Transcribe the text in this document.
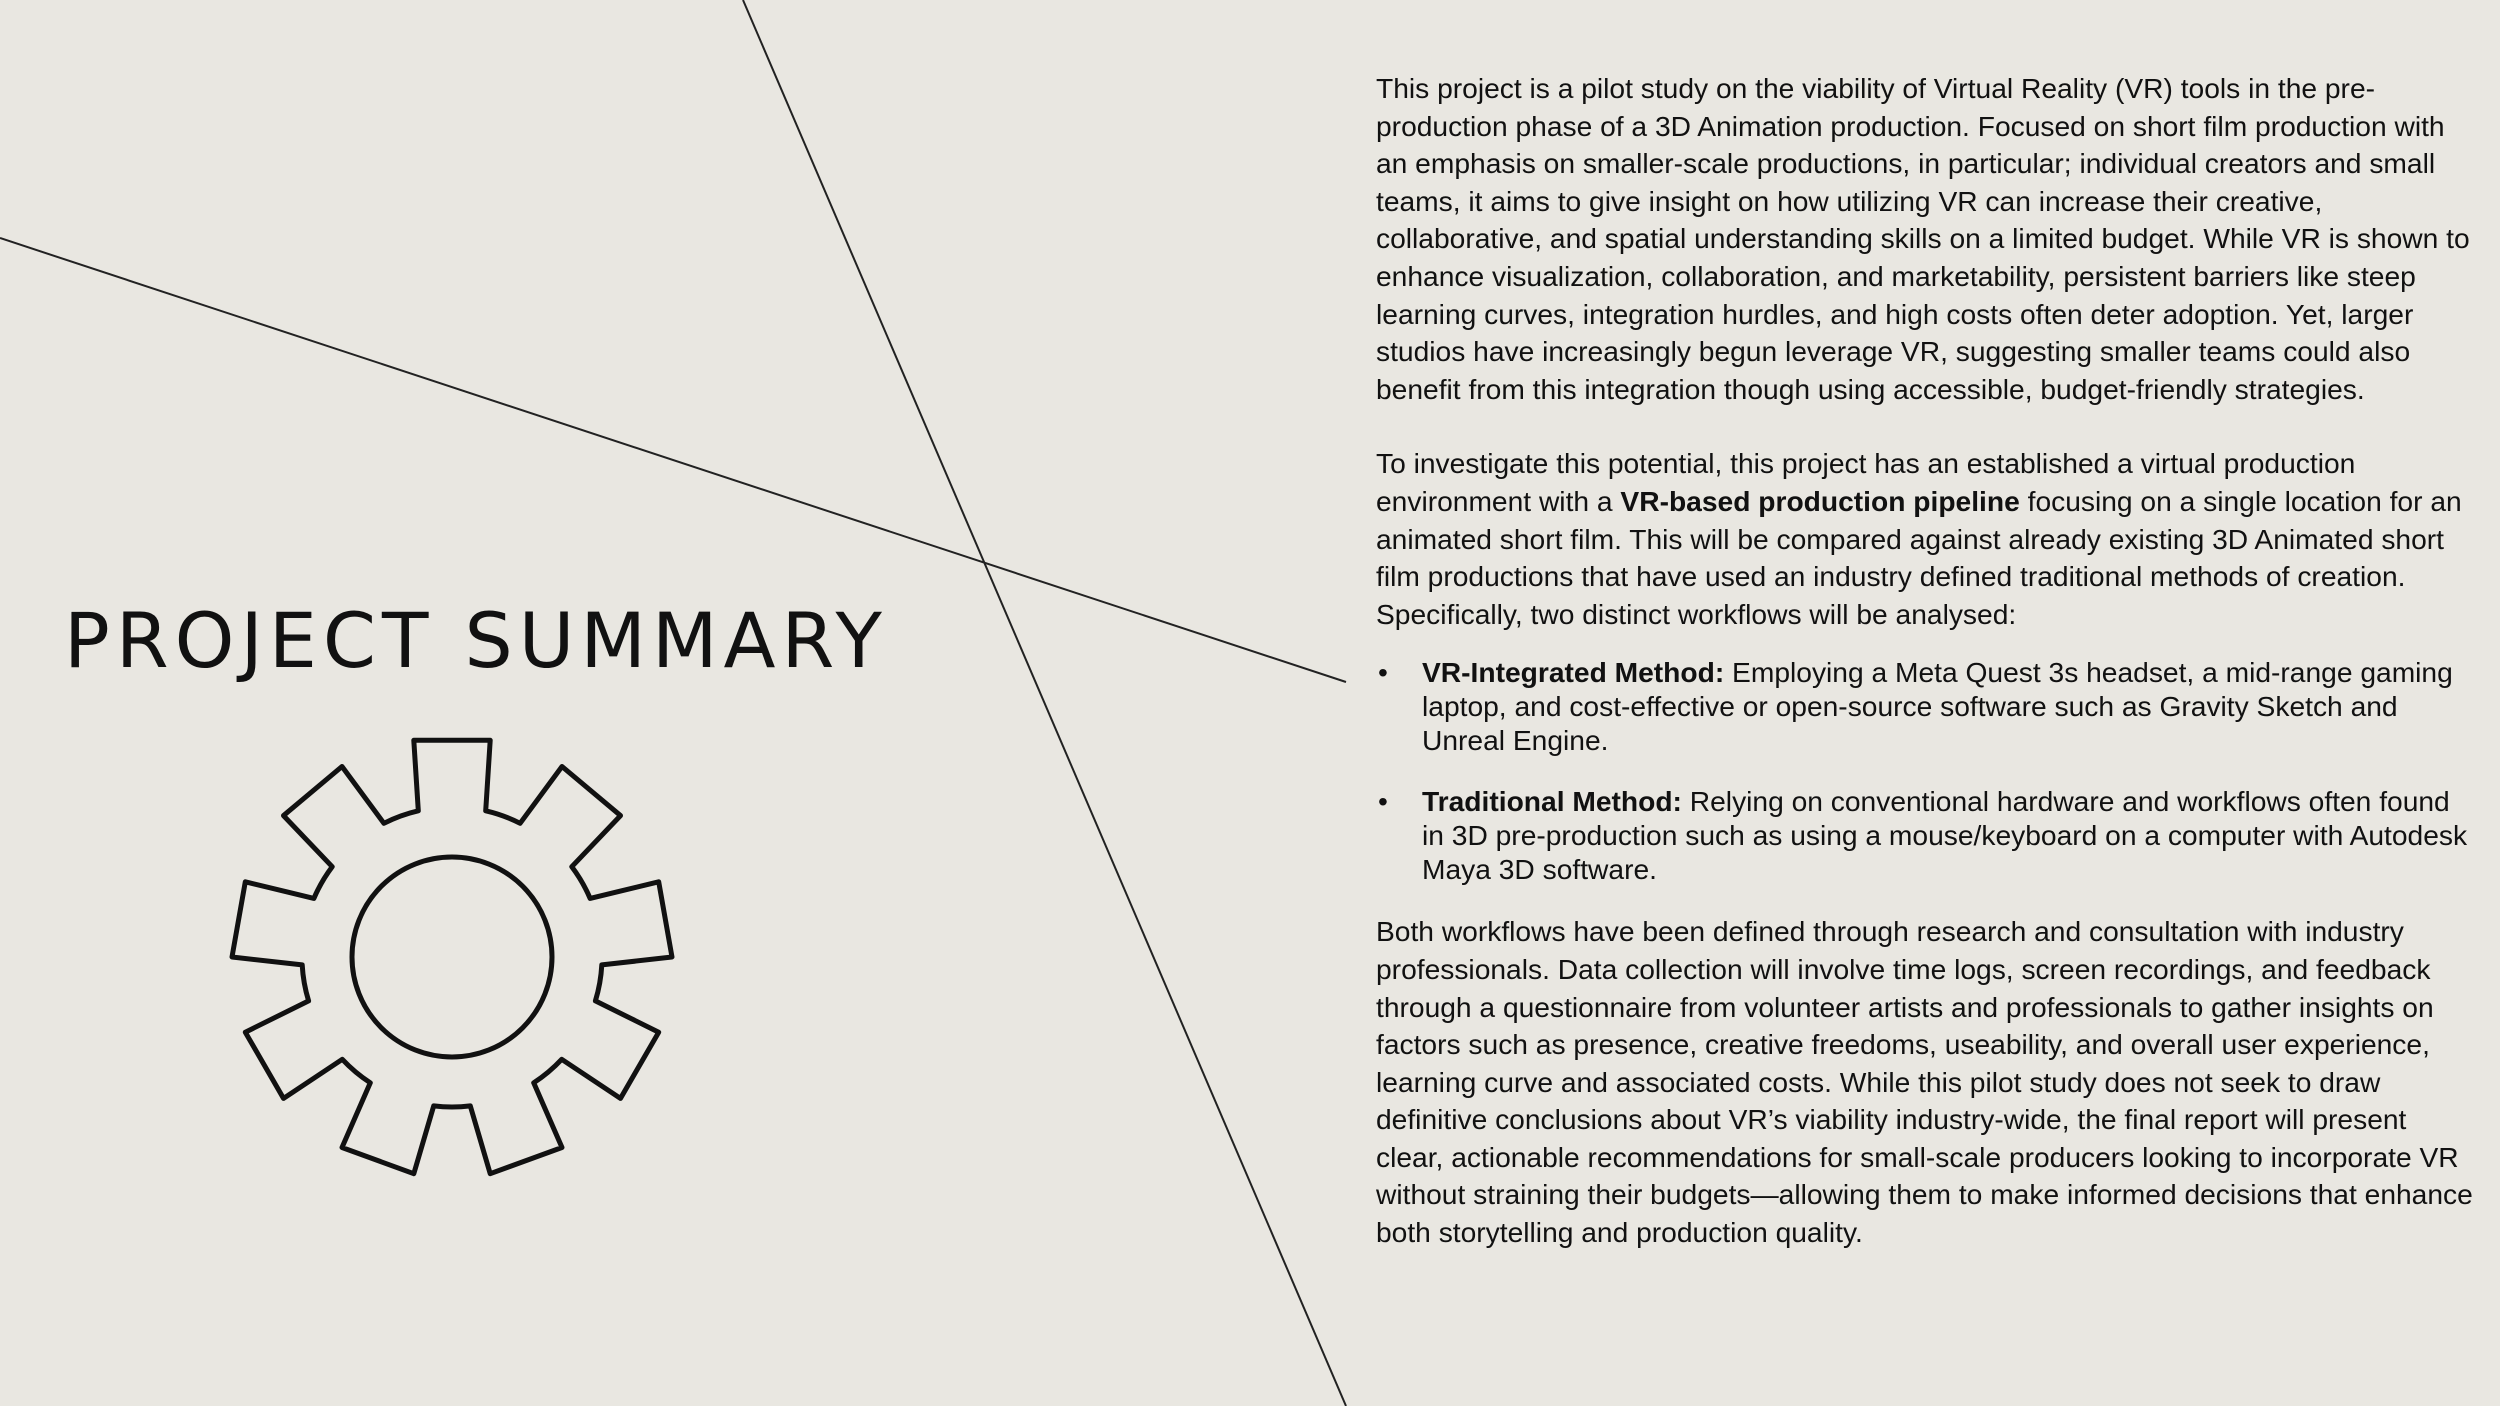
PROJECT SUMMARY

This project is a pilot study on the viability of Virtual Reality (VR) tools in the pre-production phase of a 3D Animation production. Focused on short film production with an emphasis on smaller-scale productions, in particular; individual creators and small teams, it aims to give insight on how utilizing VR can increase their creative, collaborative, and spatial understanding skills on a limited budget. While VR is shown to enhance visualization, collaboration, and marketability, persistent barriers like steep learning curves, integration hurdles, and high costs often deter adoption. Yet, larger studios have increasingly begun leverage VR, suggesting smaller teams could also benefit from this integration though using accessible, budget-friendly strategies.

To investigate this potential, this project has an established a virtual production environment with a VR-based production pipeline focusing on a single location for an animated short film. This will be compared against already existing 3D Animated short film productions that have used an industry defined traditional methods of creation. Specifically, two distinct workflows will be analysed:

• VR-Integrated Method: Employing a Meta Quest 3s headset, a mid-range gaming laptop, and cost-effective or open-source software such as Gravity Sketch and Unreal Engine.
• Traditional Method: Relying on conventional hardware and workflows often found in 3D pre-production such as using a mouse/keyboard on a computer with Autodesk Maya 3D software.

Both workflows have been defined through research and consultation with industry professionals. Data collection will involve time logs, screen recordings, and feedback through a questionnaire from volunteer artists and professionals to gather insights on factors such as presence, creative freedoms, useability, and overall user experience, learning curve and associated costs. While this pilot study does not seek to draw definitive conclusions about VR’s viability industry-wide, the final report will present clear, actionable recommendations for small-scale producers looking to incorporate VR without straining their budgets—allowing them to make informed decisions that enhance both storytelling and production quality.
